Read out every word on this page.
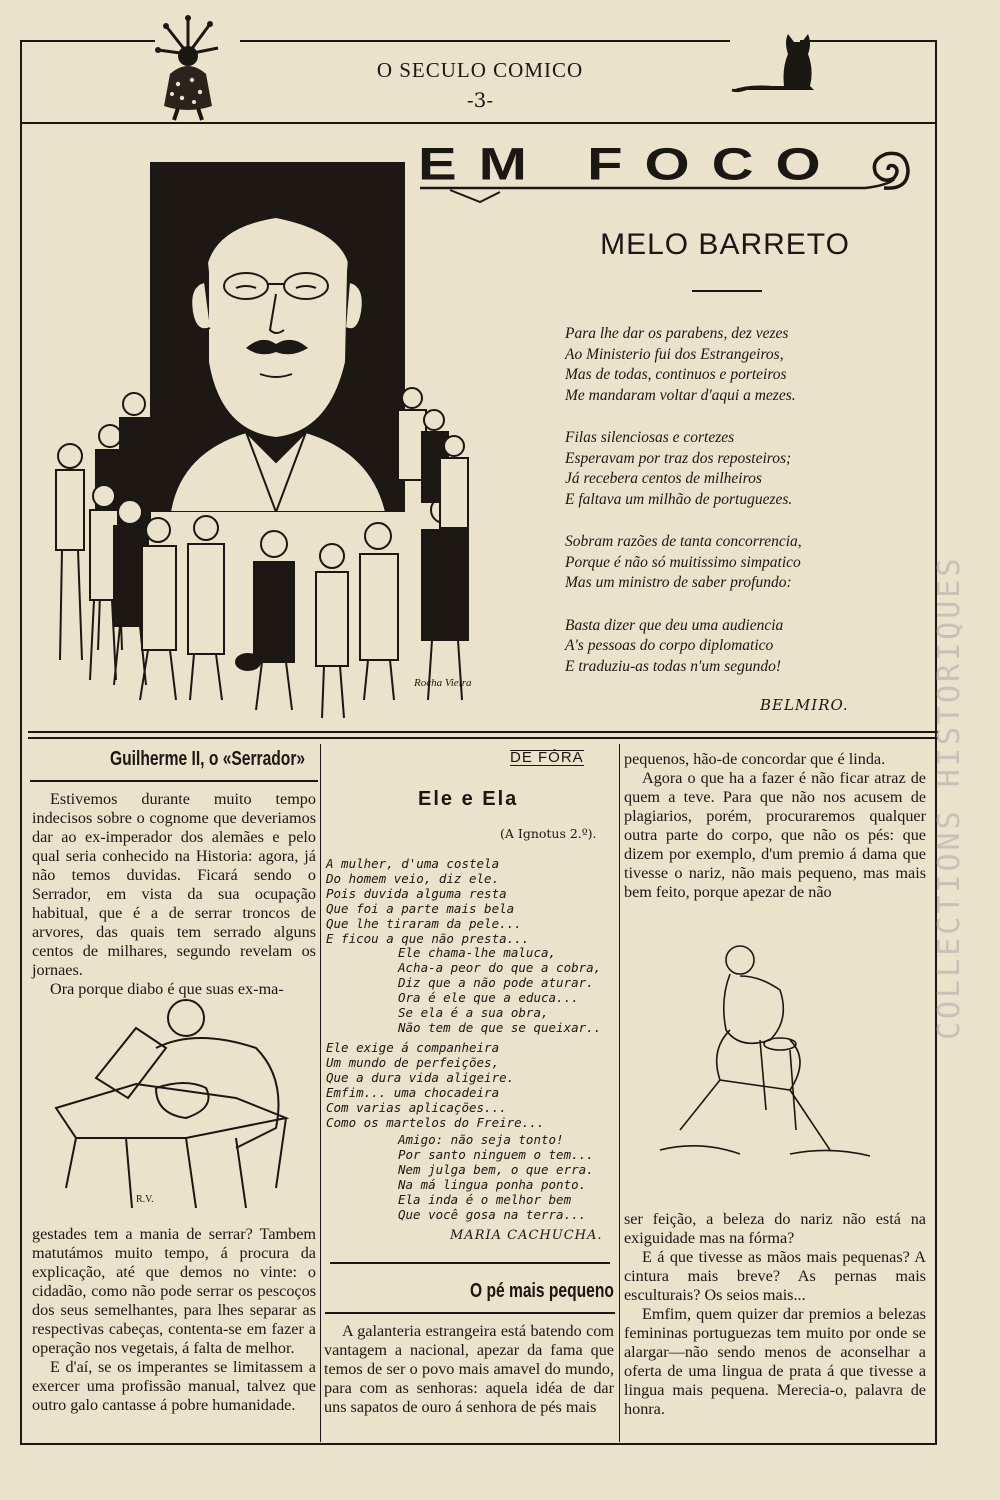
O SECULO COMICO
-3-
EM FOCO
MELO BARRETO
Para lhe dar os parabens, dez vezes
Ao Ministerio fui dos Estrangeiros,
Mas de todas, continuos e porteiros
Me mandaram voltar d'aqui a mezes.
Filas silenciosas e cortezes
Esperavam por traz dos reposteiros;
Já recebera centos de milheiros
E faltava um milhão de portuguezes.
Sobram razões de tanta concorrencia,
Porque é não só muitissimo simpatico
Mas um ministro de saber profundo:
Basta dizer que deu uma audiencia
A's pessoas do corpo diplomatico
E traduziu-as todas n'um segundo!
BELMIRO.
Rocha Vieira
Guilherme II, o «Serrador»

Estivemos durante muito tempo indecisos sobre o cognome que deveriamos dar ao ex-imperador dos alemães e pelo qual seria conhecido na Historia: agora, já não temos duvidas. Ficará sendo o Serrador, em vista da sua ocupação habitual, que é a de serrar troncos de arvores, das quais tem serrado alguns centos de milhares, segundo revelam os jornaes.

Ora porque diabo é que suas ex-ma-

R.V.

gestades tem a mania de serrar? Tambem matutámos muito tempo, á procura da explicação, até que demos no vinte: o cidadão, como não pode serrar os pescoços dos seus semelhantes, para lhes separar as respectivas cabeças, contenta-se em fazer a operação nos vegetais, á falta de melhor.

E d'aí, se os imperantes se limitassem a exercer uma profissão manual, talvez que outro galo cantasse á pobre humanidade.

DE FÓRA
Ele e Ela
(A Ignotus 2.º).
A mulher, d'uma costela
Do homem veio, diz ele.
Pois duvida alguma resta
Que foi a parte mais bela
Que lhe tiraram da pele...
E ficou a que não presta...
Ele chama-lhe maluca,
Acha-a peor do que a cobra,
Diz que a não pode aturar.
Ora é ele que a educa...
Se ela é a sua obra,
Não tem de que se queixar..
Ele exige á companheira
Um mundo de perfeições,
Que a dura vida aligeire.
Emfim... uma chocadeira
Com varias aplicações...
Como os martelos do Freire...
Amigo: não seja tonto!
Por santo ninguem o tem...
Nem julga bem, o que erra.
Na má lingua ponha ponto.
Ela inda é o melhor bem
Que você gosa na terra...
MARIA CACHUCHA.
O pé mais pequeno

A galanteria estrangeira está batendo com vantagem a nacional, apezar da fama que temos de ser o povo mais amavel do mundo, para com as senhoras: aquela idéa de dar uns sapatos de ouro á senhora de pés mais

pequenos, hão-de concordar que é linda.

Agora o que ha a fazer é não ficar atraz de quem a teve. Para que não nos acusem de plagiarios, porém, procuraremos qualquer outra parte do corpo, que não os pés: que dizem por exemplo, d'um premio á dama que tivesse o nariz, não mais pequeno, mas mais bem feito, porque apezar de não

ser feição, a beleza do nariz não está na exiguidade mas na fórma?

E á que tivesse as mãos mais pequenas? A cintura mais breve? As pernas mais esculturais? Os seios mais...

Emfim, quem quizer dar premios a belezas femininas portuguezas tem muito por onde se alargar—não sendo menos de aconselhar a oferta de uma lingua de prata á que tivesse a lingua mais pequena. Merecia-o, palavra de honra.

COLLECTIONS HISTORIQUES
